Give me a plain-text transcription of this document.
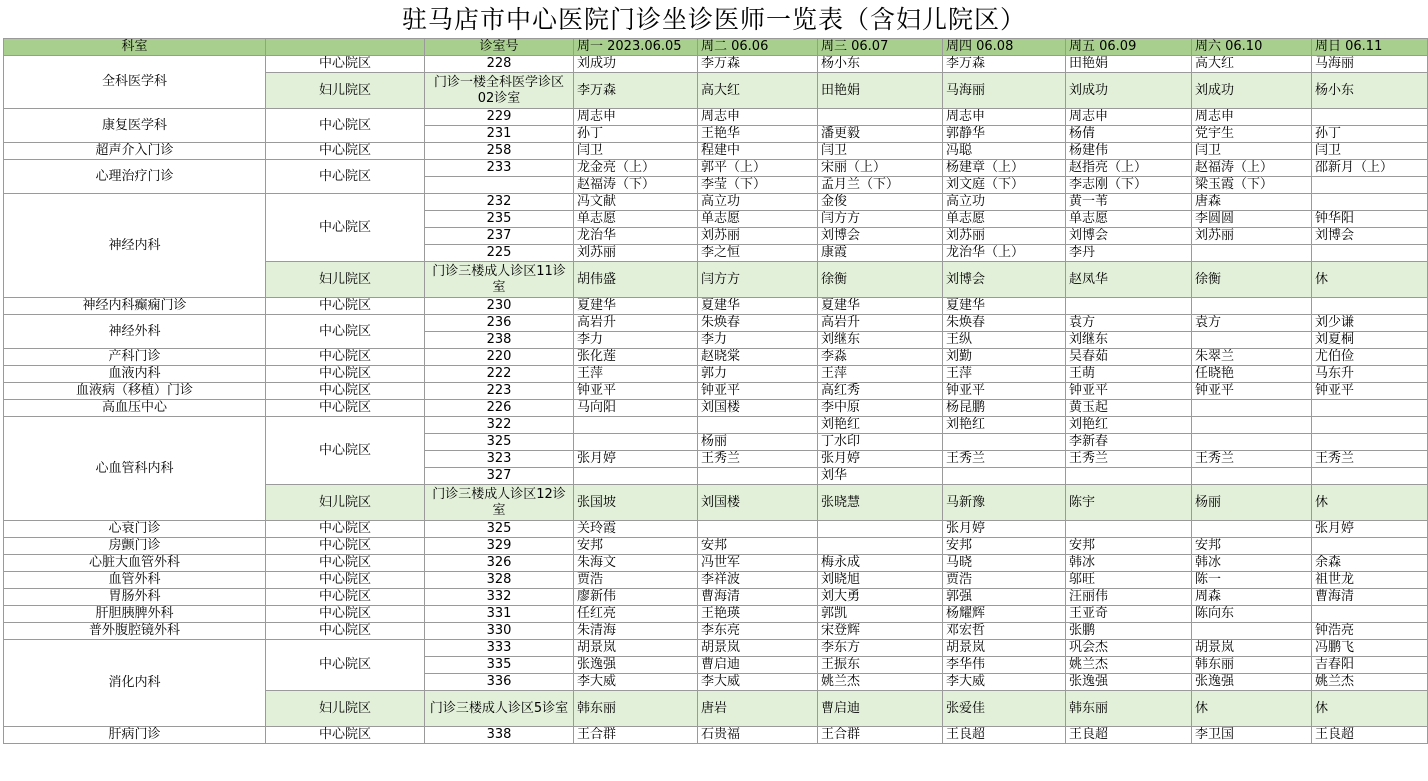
驻马店市中心医院门诊坐诊医师一览表（含妇儿院区）
科室		诊室号	周一 2023.06.05	周二 06.06	周三 06.07	周四 06.08	周五 06.09	周六 06.10	周日 06.11
全科医学科	中心院区	228	刘成功	李万森	杨小东	李万森	田艳娟	高大红	马海丽
	妇儿院区	门诊一楼全科医学诊区02诊室	李万森	高大红	田艳娟	马海丽	刘成功	刘成功	杨小东
康复医学科	中心院区	229	周志申	周志申		周志申	周志申	周志申	
		231	孙丁	王艳华	潘更毅	郭静华	杨倩	党宇生	孙丁
超声介入门诊	中心院区	258	闫卫	程建中	闫卫	冯聪	杨建伟	闫卫	闫卫
心理治疗门诊	中心院区	233	龙金亮（上）	郭平（上）	宋丽（上）	杨建章（上）	赵指亮（上）	赵福涛（上）	邵新月（上）
			赵福涛（下）	李莹（下）	孟月兰（下）	刘文庭（下）	李志刚（下）	梁玉霞（下）	
神经内科	中心院区	232	冯文献	高立功	金俊	高立功	黄一苇	唐森	
		235	单志愿	单志愿	闫方方	单志愿	单志愿	李圆圆	钟华阳
		237	龙治华	刘苏丽	刘博会	刘苏丽	刘博会	刘苏丽	刘博会
		225	刘苏丽	李之恒	康霞	龙治华（上）	李丹		
	妇儿院区	门诊三楼成人诊区11诊室	胡伟盛	闫方方	徐衡	刘博会	赵凤华	徐衡	休
神经内科癫痫门诊	中心院区	230	夏建华	夏建华	夏建华	夏建华			
神经外科	中心院区	236	高岩升	朱焕春	高岩升	朱焕春	袁方	袁方	刘少谦
		238	李力	李力	刘继东	王纵	刘继东		刘夏桐
产科门诊	中心院区	220	张化莲	赵晓棠	李淼	刘勤	吴春茹	朱翠兰	尤伯俭
血液内科	中心院区	222	王萍	郭力	王萍	王萍	王萌	任晓艳	马东升
血液病（移植）门诊	中心院区	223	钟亚平	钟亚平	高红秀	钟亚平	钟亚平	钟亚平	钟亚平
高血压中心	中心院区	226	马向阳	刘国楼	李中原	杨昆鹏	黄玉起		
心血管科内科	中心院区	322			刘艳红	刘艳红	刘艳红		
		325		杨丽	丁水印		李新春		
		323	张月婷	王秀兰	张月婷	王秀兰	王秀兰	王秀兰	王秀兰
		327			刘华				
	妇儿院区	门诊三楼成人诊区12诊室	张国坡	刘国楼	张晓慧	马新豫	陈宇	杨丽	休
心衰门诊	中心院区	325	关玲霞			张月婷			张月婷
房颤门诊	中心院区	329	安邦	安邦		安邦	安邦	安邦	
心脏大血管外科	中心院区	326	朱海文	冯世军	梅永成	马晓	韩冰	韩冰	余森
血管外科	中心院区	328	贾浩	李祥波	刘晓旭	贾浩	邬旺	陈一	祖世龙
胃肠外科	中心院区	332	廖新伟	曹海清	刘大勇	郭强	汪丽伟	周森	曹海清
肝胆胰脾外科	中心院区	331	任红亮	王艳瑛	郭凯	杨耀辉	王亚奇	陈向东	
普外腹腔镜外科	中心院区	330	朱清海	李东亮	宋登辉	邓宏哲	张鹏		钟浩亮
消化内科	中心院区	333	胡景岚	胡景岚	李东方	胡景岚	巩会杰	胡景岚	冯鹏飞
		335	张逸强	曹启迪	王振东	李华伟	姚兰杰	韩东丽	吉春阳
		336	李大威	李大威	姚兰杰	李大威	张逸强	张逸强	姚兰杰
	妇儿院区	门诊三楼成人诊区5诊室	韩东丽	唐岩	曹启迪	张爱佳	韩东丽	休	休
肝病门诊	中心院区	338	王合群	石贵福	王合群	王良超	王良超	李卫国	王良超
